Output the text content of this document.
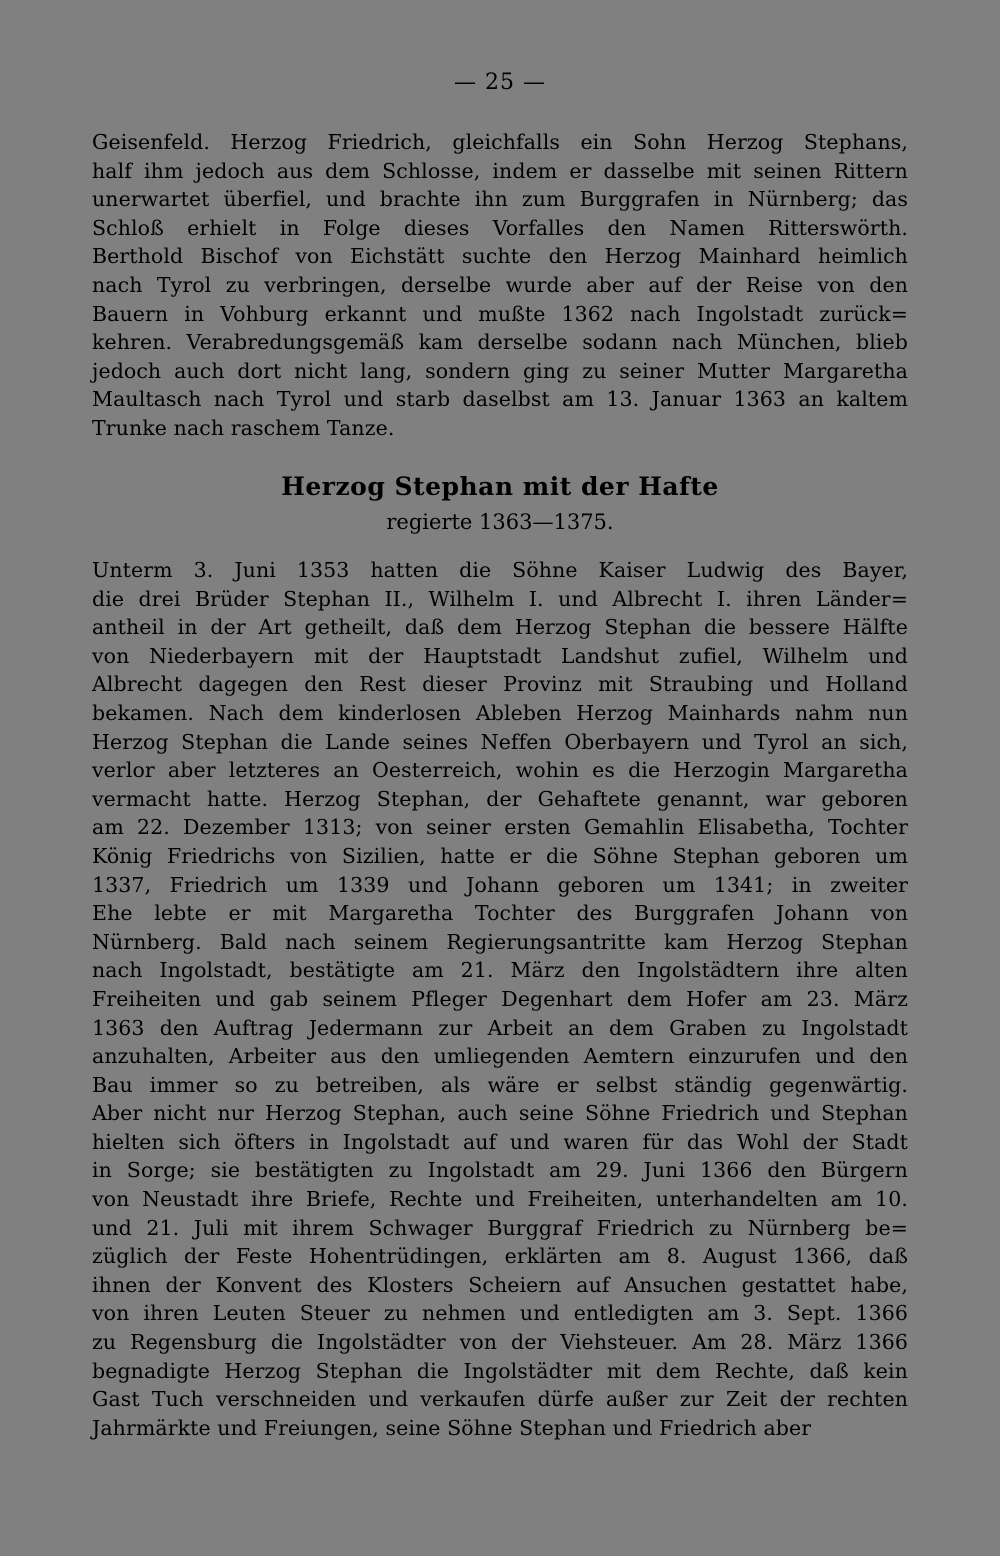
— 25 —
Geisenfeld. Herzog Friedrich, gleichfalls ein Sohn Herzog Stephans,
half ihm jedoch aus dem Schlosse, indem er dasselbe mit seinen Rittern
unerwartet überfiel, und brachte ihn zum Burggrafen in Nürnberg; das
Schloß erhielt in Folge dieses Vorfalles den Namen Ritterswörth.
Berthold Bischof von Eichstätt suchte den Herzog Mainhard heimlich
nach Tyrol zu verbringen, derselbe wurde aber auf der Reise von den
Bauern in Vohburg erkannt und mußte 1362 nach Ingolstadt zurück=
kehren. Verabredungsgemäß kam derselbe sodann nach München, blieb
jedoch auch dort nicht lang, sondern ging zu seiner Mutter Margaretha
Maultasch nach Tyrol und starb daselbst am 13. Januar 1363 an kaltem
Trunke nach raschem Tanze.
Herzog Stephan mit der Hafte
regierte 1363—1375.
Unterm 3. Juni 1353 hatten die Söhne Kaiser Ludwig des Bayer,
die drei Brüder Stephan II., Wilhelm I. und Albrecht I. ihren Länder=
antheil in der Art getheilt, daß dem Herzog Stephan die bessere Hälfte
von Niederbayern mit der Hauptstadt Landshut zufiel, Wilhelm und
Albrecht dagegen den Rest dieser Provinz mit Straubing und Holland
bekamen. Nach dem kinderlosen Ableben Herzog Mainhards nahm nun
Herzog Stephan die Lande seines Neffen Oberbayern und Tyrol an sich,
verlor aber letzteres an Oesterreich, wohin es die Herzogin Margaretha
vermacht hatte. Herzog Stephan, der Gehaftete genannt, war geboren
am 22. Dezember 1313; von seiner ersten Gemahlin Elisabetha, Tochter
König Friedrichs von Sizilien, hatte er die Söhne Stephan geboren um
1337, Friedrich um 1339 und Johann geboren um 1341; in zweiter
Ehe lebte er mit Margaretha Tochter des Burggrafen Johann von
Nürnberg. Bald nach seinem Regierungsantritte kam Herzog Stephan
nach Ingolstadt, bestätigte am 21. März den Ingolstädtern ihre alten
Freiheiten und gab seinem Pfleger Degenhart dem Hofer am 23. März
1363 den Auftrag Jedermann zur Arbeit an dem Graben zu Ingolstadt
anzuhalten, Arbeiter aus den umliegenden Aemtern einzurufen und den
Bau immer so zu betreiben, als wäre er selbst ständig gegenwärtig.
Aber nicht nur Herzog Stephan, auch seine Söhne Friedrich und Stephan
hielten sich öfters in Ingolstadt auf und waren für das Wohl der Stadt
in Sorge; sie bestätigten zu Ingolstadt am 29. Juni 1366 den Bürgern
von Neustadt ihre Briefe, Rechte und Freiheiten, unterhandelten am 10.
und 21. Juli mit ihrem Schwager Burggraf Friedrich zu Nürnberg be=
züglich der Feste Hohentrüdingen, erklärten am 8. August 1366, daß
ihnen der Konvent des Klosters Scheiern auf Ansuchen gestattet habe,
von ihren Leuten Steuer zu nehmen und entledigten am 3. Sept. 1366
zu Regensburg die Ingolstädter von der Viehsteuer. Am 28. März 1366
begnadigte Herzog Stephan die Ingolstädter mit dem Rechte, daß kein
Gast Tuch verschneiden und verkaufen dürfe außer zur Zeit der rechten
Jahrmärkte und Freiungen, seine Söhne Stephan und Friedrich aber
